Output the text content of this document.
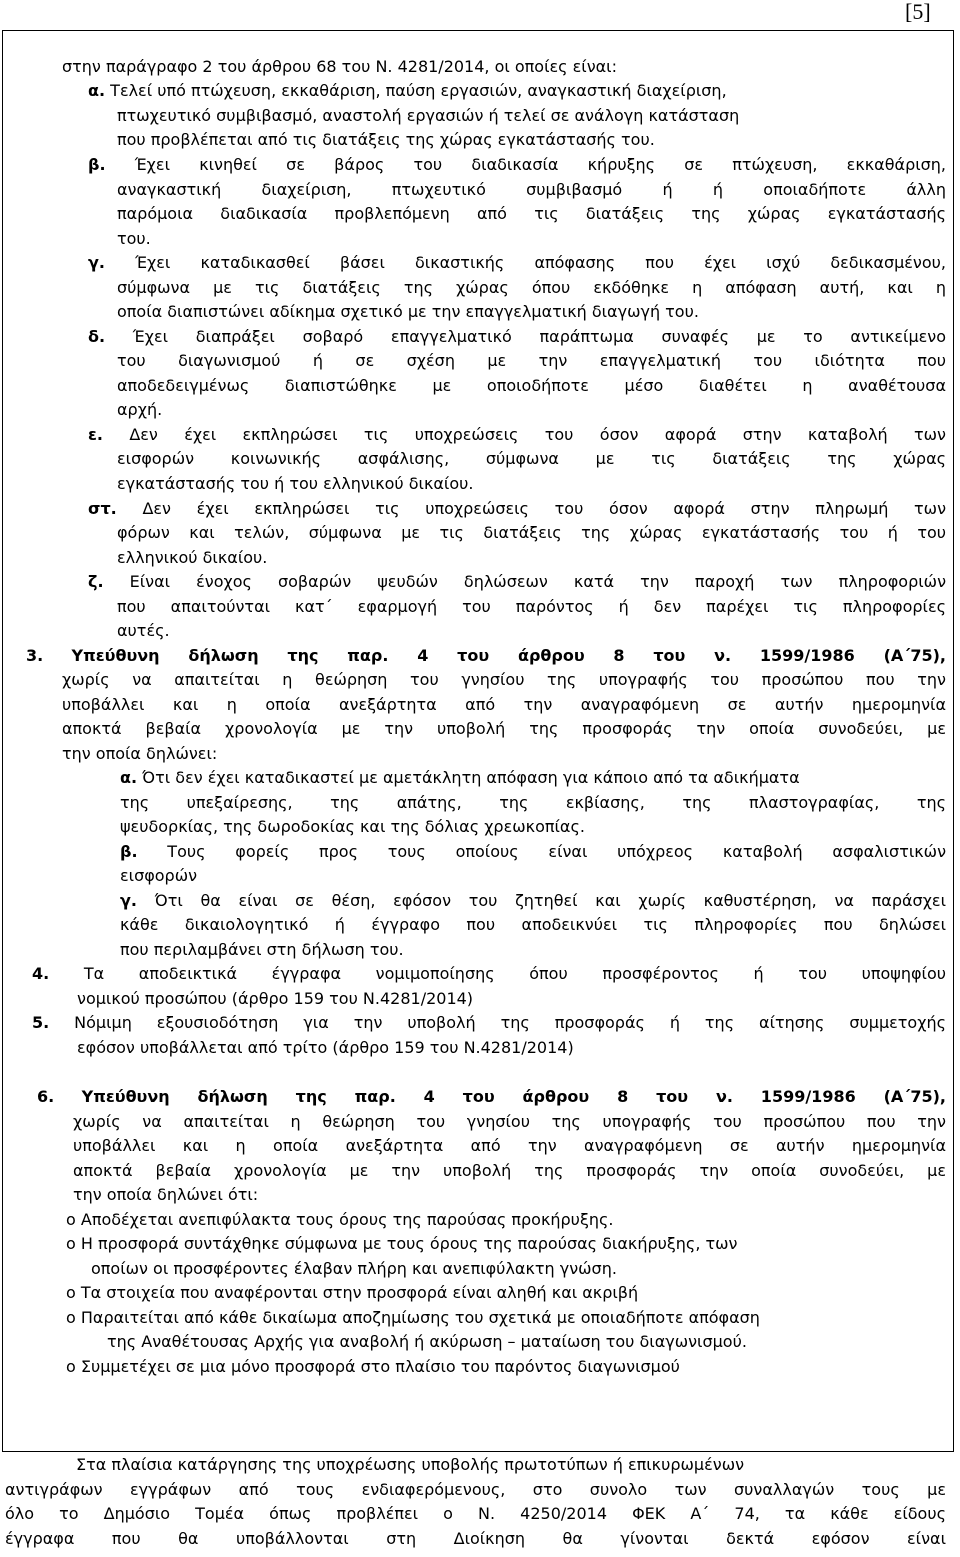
[5]
στην παράγραφο 2 του άρθρου 68 του Ν. 4281/2014, οι οποίες είναι:
α. Τελεί υπό πτώχευση, εκκαθάριση, παύση εργασιών, αναγκαστική διαχείριση,
πτωχευτικό συμβιβασμό, αναστολή εργασιών ή τελεί σε ανάλογη κατάσταση
που προβλέπεται από τις διατάξεις της χώρας εγκατάστασής του.
β. Έχει κινηθεί σε βάρος του διαδικασία κήρυξης σε πτώχευση, εκκαθάριση,
αναγκαστική διαχείριση, πτωχευτικό συμβιβασμό ή ή οποιαδήποτε άλλη
παρόμοια διαδικασία προβλεπόμενη από τις διατάξεις της χώρας εγκατάστασής
του.
γ. Έχει καταδικασθεί βάσει δικαστικής απόφασης που έχει ισχύ δεδικασμένου,
σύμφωνα με τις διατάξεις της χώρας όπου εκδόθηκε η απόφαση αυτή, και η
οποία διαπιστώνει αδίκημα σχετικό με την επαγγελματική διαγωγή του.
δ. Έχει διαπράξει σοβαρό επαγγελματικό παράπτωμα συναφές με το αντικείμενο
του διαγωνισμού ή σε σχέση με την επαγγελματική του ιδιότητα που
αποδεδειγμένως διαπιστώθηκε με οποιοδήποτε μέσο διαθέτει η αναθέτουσα
αρχή.
ε. Δεν έχει εκπληρώσει τις υποχρεώσεις του όσον αφορά στην καταβολή των
εισφορών κοινωνικής ασφάλισης, σύμφωνα με τις διατάξεις της χώρας
εγκατάστασής του ή του ελληνικού δικαίου.
στ. Δεν έχει εκπληρώσει τις υποχρεώσεις του όσον αφορά στην πληρωμή των
φόρων και τελών, σύμφωνα με τις διατάξεις της χώρας εγκατάστασής του ή του
ελληνικού δικαίου.
ζ. Είναι ένοχος σοβαρών ψευδών δηλώσεων κατά την παροχή των πληροφοριών
που απαιτούνται κατ΄ εφαρμογή του παρόντος ή δεν παρέχει τις πληροφορίες
αυτές.
3. Υπεύθυνη δήλωση της παρ. 4 του άρθρου 8 του ν. 1599/1986 (Α΄75),
χωρίς να απαιτείται η θεώρηση του γνησίου της υπογραφής του προσώπου που την
υποβάλλει και η οποία ανεξάρτητα από την αναγραφόμενη σε αυτήν ημερομηνία
αποκτά βεβαία χρονολογία με την υποβολή της προσφοράς την οποία συνοδεύει, με
την οποία δηλώνει:
α. Ότι δεν έχει καταδικαστεί με αμετάκλητη απόφαση για κάποιο από τα αδικήματα
της υπεξαίρεσης, της απάτης, της εκβίασης, της πλαστογραφίας, της
ψευδορκίας, της δωροδοκίας και της δόλιας χρεωκοπίας.
β. Τους φορείς προς τους οποίους είναι υπόχρεος καταβολή ασφαλιστικών
εισφορών
γ. Ότι θα είναι σε θέση, εφόσον του ζητηθεί και χωρίς καθυστέρηση, να παράσχει
κάθε δικαιολογητικό ή έγγραφο που αποδεικνύει τις πληροφορίες που δηλώσει
που περιλαμβάνει στη δήλωση του.
4. Τα αποδεικτικά έγγραφα νομιμοποίησης όπου προσφέροντος ή του υποψηφίου
νομικού προσώπου (άρθρο 159 του Ν.4281/2014)
5. Νόμιμη εξουσιοδότηση για την υποβολή της προσφοράς ή της αίτησης συμμετοχής
εφόσον υποβάλλεται από τρίτο (άρθρο 159 του Ν.4281/2014)
6. Υπεύθυνη δήλωση της παρ. 4 του άρθρου 8 του ν. 1599/1986 (Α΄75),
χωρίς να απαιτείται η θεώρηση του γνησίου της υπογραφής του προσώπου που την
υποβάλλει και η οποία ανεξάρτητα από την αναγραφόμενη σε αυτήν ημερομηνία
αποκτά βεβαία χρονολογία με την υποβολή της προσφοράς την οποία συνοδεύει, με
την οποία δηλώνει ότι:
ο Αποδέχεται ανεπιφύλακτα τους όρους της παρούσας προκήρυξης.
ο Η προσφορά συντάχθηκε σύμφωνα με τους όρους της παρούσας διακήρυξης, των
οποίων οι προσφέροντες έλαβαν πλήρη και ανεπιφύλακτη γνώση.
ο Τα στοιχεία που αναφέρονται στην προσφορά είναι αληθή και ακριβή
ο Παραιτείται από κάθε δικαίωμα αποζημίωσης του σχετικά με οποιαδήποτε απόφαση
της Αναθέτουσας Αρχής για αναβολή ή ακύρωση – ματαίωση του διαγωνισμού.
ο Συμμετέχει σε μια μόνο προσφορά στο πλαίσιο του παρόντος διαγωνισμού
Στα πλαίσια κατάργησης της υποχρέωσης υποβολής πρωτοτύπων ή επικυρωμένων
αντιγράφων εγγράφων από τους ενδιαφερόμενους, στο συνολο των συναλλαγών τους με
όλο το Δημόσιο Τομέα όπως προβλέπει ο Ν. 4250/2014 ΦΕΚ Α΄ 74, τα κάθε είδους
έγγραφα που θα υποβάλλονται στη Διοίκηση θα γίνονται δεκτά εφόσον είναι
